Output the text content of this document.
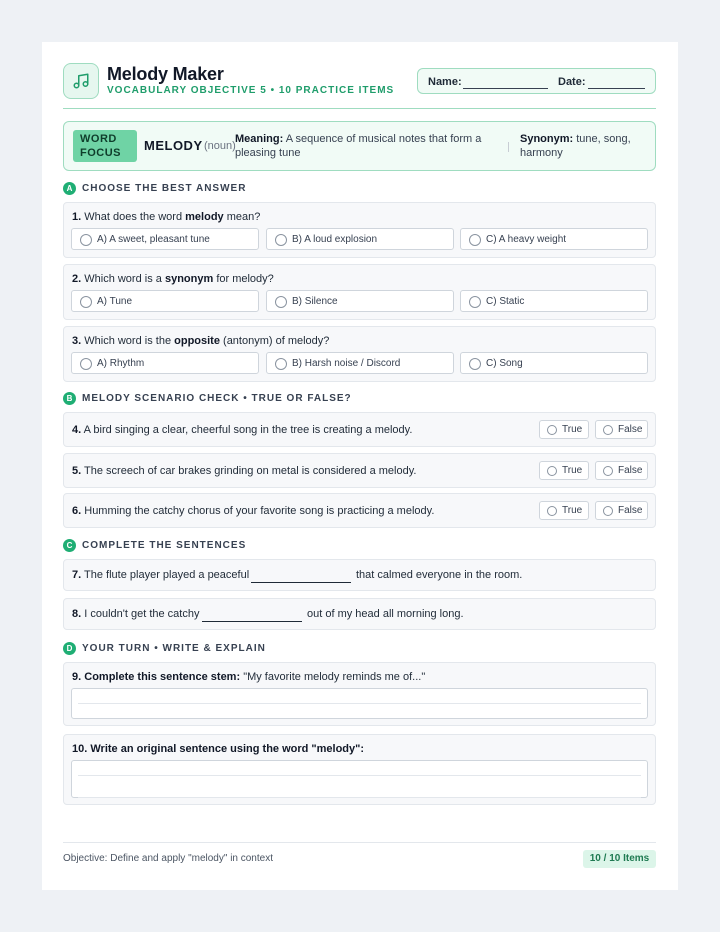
Melody Maker
VOCABULARY OBJECTIVE 5 • 10 PRACTICE ITEMS
Name:	Date:
WORD FOCUS	MELODY (noun)
Meaning: A sequence of musical notes that form a pleasing tune
Synonym: tune, song, harmony
A CHOOSE THE BEST ANSWER
1. What does the word melody mean?
A) A sweet, pleasant tune	B) A loud explosion	C) A heavy weight
2. Which word is a synonym for melody?
A) Tune	B) Silence	C) Static
3. Which word is the opposite (antonym) of melody?
A) Rhythm	B) Harsh noise / Discord	C) Song
B MELODY SCENARIO CHECK • TRUE OR FALSE?
4. A bird singing a clear, cheerful song in the tree is creating a melody.	True	False
5. The screech of car brakes grinding on metal is considered a melody.	True	False
6. Humming the catchy chorus of your favorite song is practicing a melody.	True	False
C COMPLETE THE SENTENCES
7. The flute player played a peaceful	that calmed everyone in the room.
8. I couldn't get the catchy	out of my head all morning long.
D YOUR TURN • WRITE & EXPLAIN
9. Complete this sentence stem: "My favorite melody reminds me of..."
10. Write an original sentence using the word "melody":
Objective: Define and apply "melody" in context	10 / 10 Items
